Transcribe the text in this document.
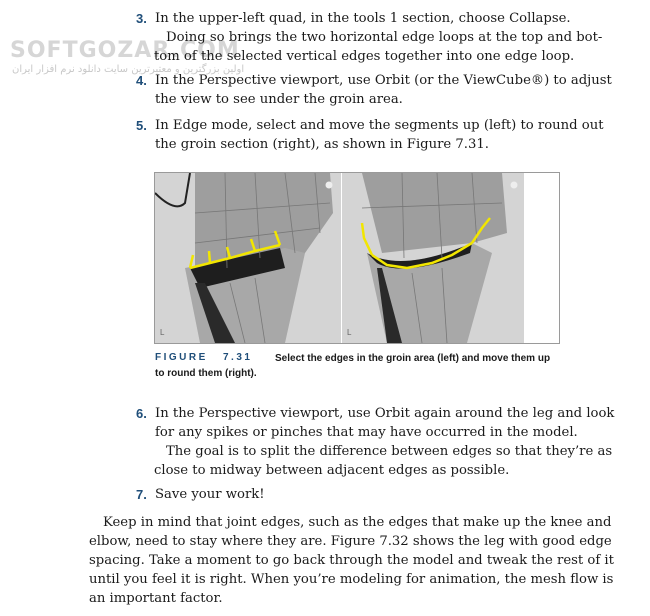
SOFTGOZAR.COM
اولین بزرگترین و معتبرترین سایت دانلود نرم افزار ایران
3. In the upper-left quad, in the tools 1 section, choose Collapse.
Doing so brings the two horizontal edge loops at the top and bot-
tom of the selected vertical edges together into one edge loop.
4. In the Perspective viewport, use Orbit (or the ViewCube®) to adjust
the view to see under the groin area.
5. In Edge mode, select and move the segments up (left) to round out
the groin section (right), as shown in Figure 7.31.
L	L
FIGURE 7.31 Select the edges in the groin area (left) and move them up
to round them (right).
6. In the Perspective viewport, use Orbit again around the leg and look
for any spikes or pinches that may have occurred in the model.
The goal is to split the difference between edges so that they’re as
close to midway between adjacent edges as possible.
7. Save your work!
Keep in mind that joint edges, such as the edges that make up the knee and
elbow, need to stay where they are. Figure 7.32 shows the leg with good edge
spacing. Take a moment to go back through the model and tweak the rest of it
until you feel it is right. When you’re modeling for animation, the mesh flow is
an important factor.
